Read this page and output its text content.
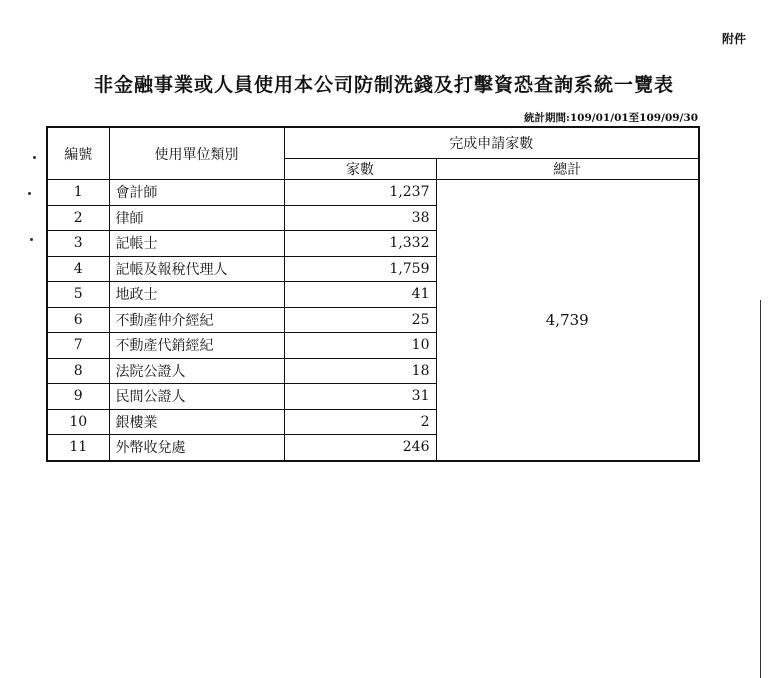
附件
非金融事業或人員使用本公司防制洗錢及打擊資恐查詢系統一覽表
統計期間:109/01/01至109/09/30
編號	使用單位類別	完成申請家數	
		家數	總計
1	會計師	1,237	4,739
2	律師	38	
3	記帳士	1,332	
4	記帳及報稅代理人	1,759	
5	地政士	41	
6	不動產仲介經紀	25	
7	不動產代銷經紀	10	
8	法院公證人	18	
9	民間公證人	31	
10	銀樓業	2	
11	外幣收兌處	246	
